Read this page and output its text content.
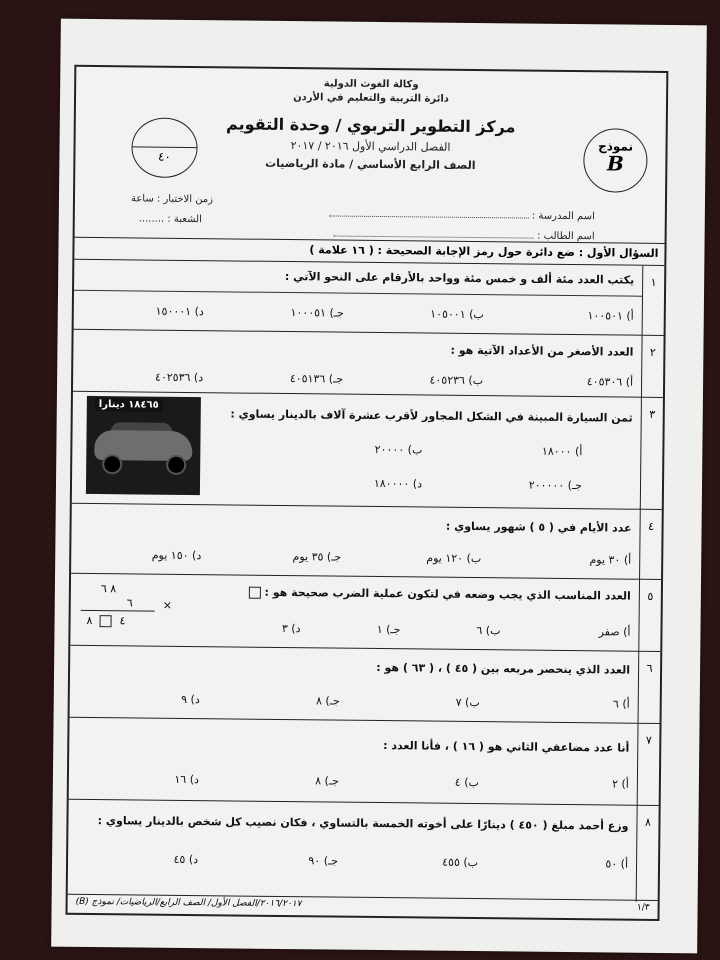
وكالة الغوث الدولية
دائرة التربية والتعليم في الأردن
مركز التطوير التربوي / وحدة التقويم
الفصل الدراسي الأول ٢٠١٦ / ٢٠١٧
الصف الرابع الأساسي / مادة الرياضيات
نموذج
B
٤٠
اسم المدرسة :
اسم الطالب :
زمن الاختبار : ساعة
الشعبة : ........
السؤال الأول : ضع دائرة حول رمز الإجابة الصحيحة : ( ١٦ علامة )
١
يكتب العدد مئة ألف و خمس مئة وواحد بالأرقام على النحو الآتي :
أ) ١٠٠٥٠١
ب) ١٠٥٠٠١
جـ) ١٠٠٠٥١
د) ١٥٠٠٠١
٢
العدد الأصغر من الأعداد الآتية هو :
أ) ٤٠٥٣٠٦
ب) ٤٠٥٢٣٦
جـ) ٤٠٥١٣٦
د) ٤٠٢٥٣٦
٣
ثمن السيارة المبينة في الشكل المجاور لأقرب عشرة آلاف بالدينار يساوي :
أ) ١٨٠٠٠
ب) ٢٠٠٠٠
جـ) ٢٠٠٠٠٠
د) ١٨٠٠٠٠
١٨٤٦٥ دينارا
٤
عدد الأيام في ( ٥ ) شهور يساوي :
أ) ٣٠ يوم
ب) ١٢٠ يوم
جـ) ٣٥ يوم
د) ١٥٠ يوم
٥
العدد المناسب الذي يجب وضعه في لتكون عملية الضرب صحيحة هو :
أ) صفر
ب) ٦
جـ) ١
د) ٣
٨ ٦
٦	×
٤  ٨
٦
العدد الذي ينحصر مربعه بين ( ٤٥ ) ، ( ٦٣ ) هو :
أ) ٦
ب) ٧
جـ) ٨
د) ٩
٧
أنا عدد مضاعفي الثاني هو ( ١٦ ) ، فأنا العدد :
أ) ٢
ب) ٤
جـ) ٨
د) ١٦
٨
وزع أحمد مبلغ ( ٤٥٠ ) دينارًا على أخوته الخمسة بالتساوي ، فكان نصيب كل شخص بالدينار يساوي :
أ) ٥٠
ب) ٤٥٥
جـ) ٩٠
د) ٤٥
٢٠١٦/٢٠١٧/الفصل الأول/ الصف الرابع/الرياضيات/ نموذج (B)	١/٣
